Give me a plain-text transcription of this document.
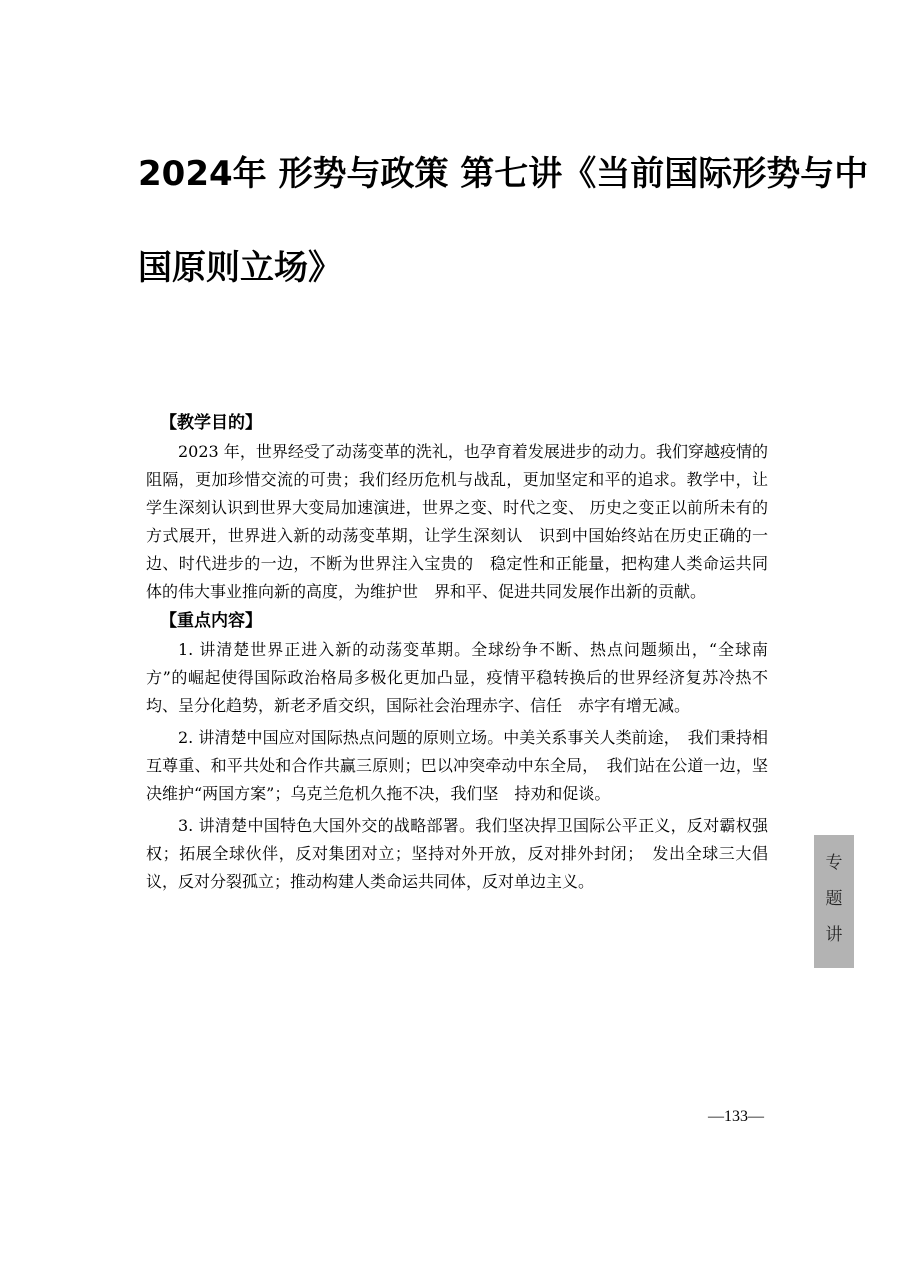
2024年 形势与政策 第七讲《当前国际形势与中
国原则立场》
【教学目的】

2023 年，世界经受了动荡变革的洗礼，也孕育着发展进步的动力。我们穿越疫情的阻隔，更加珍惜交流的可贵；我们经历危机与战乱，更加坚定和平的追求。教学中，让学生深刻认识到世界大变局加速演进，世界之变、时代之变、 历史之变正以前所未有的方式展开，世界进入新的动荡变革期，让学生深刻认　识到中国始终站在历史正确的一边、时代进步的一边，不断为世界注入宝贵的　稳定性和正能量，把构建人类命运共同体的伟大事业推向新的高度，为维护世　界和平、促进共同发展作出新的贡献。

【重点内容】

1. 讲清楚世界正进入新的动荡变革期。全球纷争不断、热点问题频出，“全球南方”的崛起使得国际政治格局多极化更加凸显，疫情平稳转换后的世界经济复苏冷热不均、呈分化趋势，新老矛盾交织，国际社会治理赤字、信任　赤字有增无减。

2. 讲清楚中国应对国际热点问题的原则立场。中美关系事关人类前途，　我们秉持相互尊重、和平共处和合作共赢三原则；巴以冲突牵动中东全局，　我们站在公道一边，坚决维护“两国方案”；乌克兰危机久拖不决，我们坚　持劝和促谈。

3. 讲清楚中国特色大国外交的战略部署。我们坚决捍卫国际公平正义，反对霸权强权；拓展全球伙伴，反对集团对立；坚持对外开放，反对排外封闭；　发出全球三大倡议，反对分裂孤立；推动构建人类命运共同体，反对单边主义。

专
题
讲
—133—
